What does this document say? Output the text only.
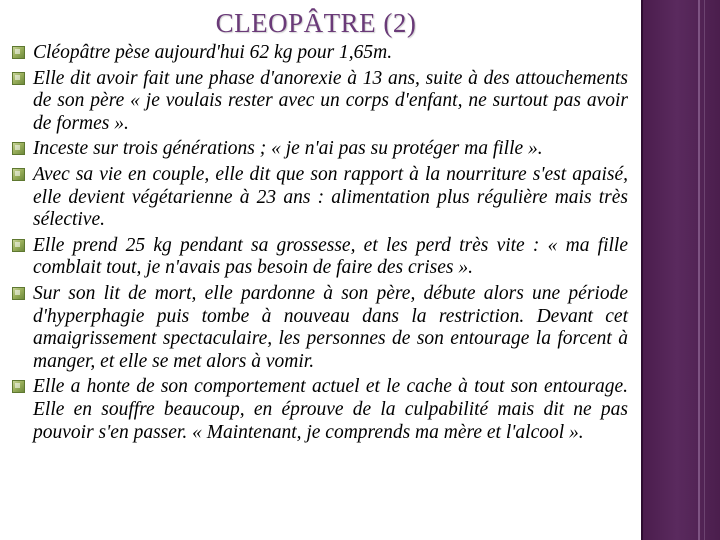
CLEOPÂTRE (2)
Cléopâtre pèse aujourd'hui 62 kg pour 1,65m.
Elle dit avoir fait une phase d'anorexie à 13 ans, suite à des attouchements de son père « je voulais rester avec un corps d'enfant, ne surtout pas avoir de formes ».
Inceste sur trois générations ; « je n'ai pas su protéger ma fille ».
Avec sa vie en couple, elle dit que son rapport à la nourriture s'est apaisé, elle devient végétarienne à 23 ans : alimentation plus régulière mais très sélective.
Elle prend 25 kg pendant sa grossesse, et les perd très vite : « ma fille comblait tout, je n'avais pas besoin de faire des crises ».
Sur son lit de mort, elle pardonne à son père, débute alors une période d'hyperphagie puis tombe à nouveau dans la restriction. Devant cet amaigrissement spectaculaire, les personnes de son entourage la forcent à manger, et elle se met alors à vomir.
Elle a honte de son comportement actuel et le cache à tout son entourage. Elle en souffre beaucoup, en éprouve de la culpabilité mais dit ne pas pouvoir s'en passer. « Maintenant, je comprends ma mère et l'alcool ».
